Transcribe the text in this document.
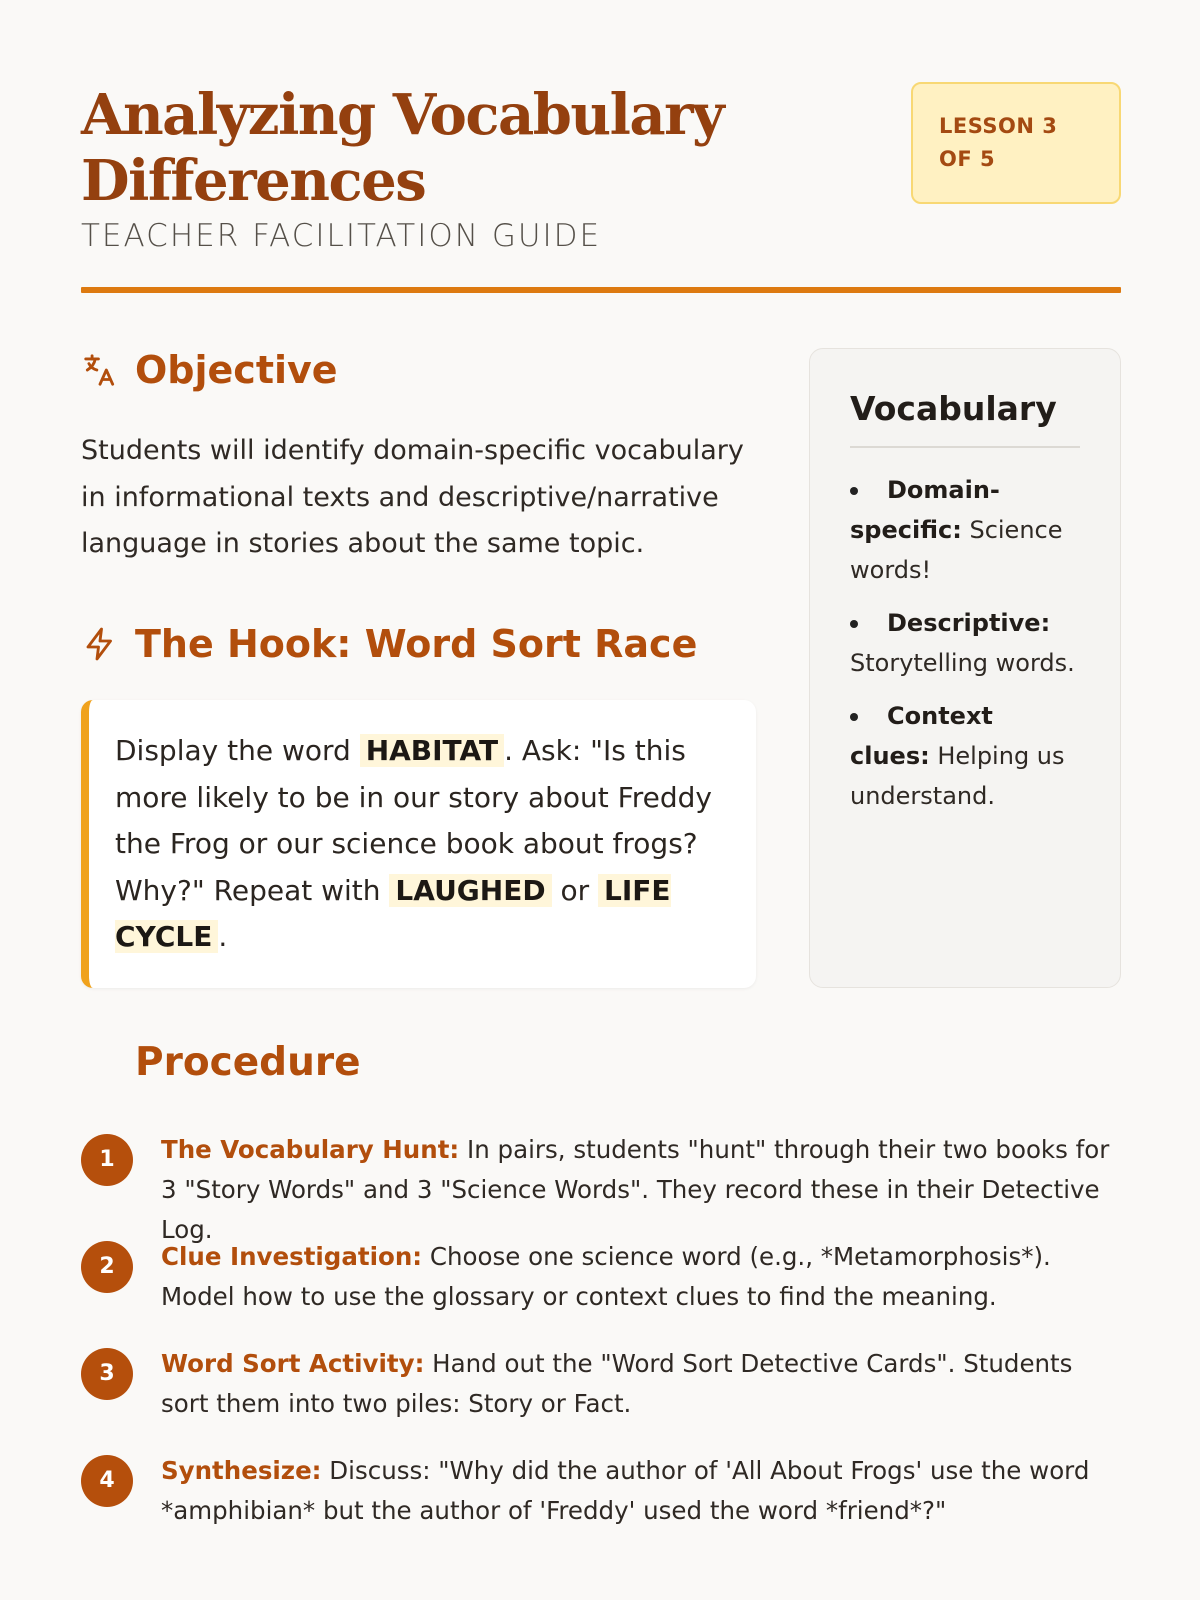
Analyzing Vocabulary Differences
TEACHER FACILITATION GUIDE
LESSON 3 OF 5
Objective
Students will identify domain-specific vocabulary in informational texts and descriptive/narrative language in stories about the same topic.
The Hook: Word Sort Race
Display the word HABITAT . Ask: "Is this more likely to be in our story about Freddy the Frog or our science book about frogs? Why?" Repeat with LAUGHED or LIFE CYCLE .
Vocabulary
Domain-specific: Science words!
Descriptive: Storytelling words.
Context clues: Helping us understand.
Procedure
1	The Vocabulary Hunt: In pairs, students "hunt" through their two books for 3 "Story Words" and 3 "Science Words". They record these in their Detective Log.
2	Clue Investigation: Choose one science word (e.g., *Metamorphosis*). Model how to use the glossary or context clues to find the meaning.
3	Word Sort Activity: Hand out the "Word Sort Detective Cards". Students sort them into two piles: Story or Fact.
4	Synthesize: Discuss: "Why did the author of 'All About Frogs' use the word *amphibian* but the author of 'Freddy' used the word *friend*?"
